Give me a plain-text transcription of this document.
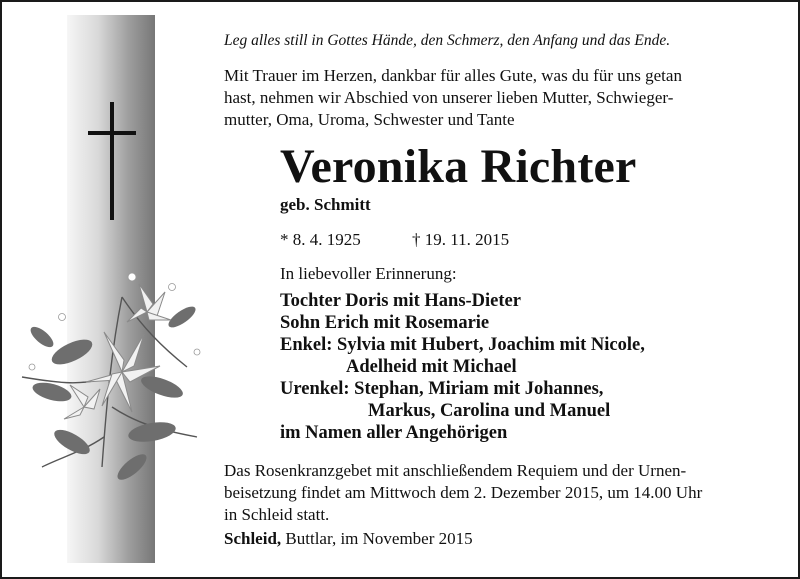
Leg alles still in Gottes Hände, den Schmerz, den Anfang und das Ende.
Mit Trauer im Herzen, dankbar für alles Gute, was du für uns getan
hast, nehmen wir Abschied von unserer lieben Mutter, Schwieger-
mutter, Oma, Uroma, Schwester und Tante
Veronika Richter
geb. Schmitt
* 8. 4. 1925	† 19. 11. 2015
In liebevoller Erinnerung:
Tochter Doris mit Hans-Dieter
Sohn Erich mit Rosemarie
Enkel: Sylvia mit Hubert, Joachim mit Nicole,
Adelheid mit Michael
Urenkel: Stephan, Miriam mit Johannes,
Markus, Carolina und Manuel
im Namen aller Angehörigen
Das Rosenkranzgebet mit anschließendem Requiem und der Urnen-
beisetzung findet am Mittwoch dem 2. Dezember 2015, um 14.00 Uhr
in Schleid statt.
Schleid, Buttlar, im November 2015
